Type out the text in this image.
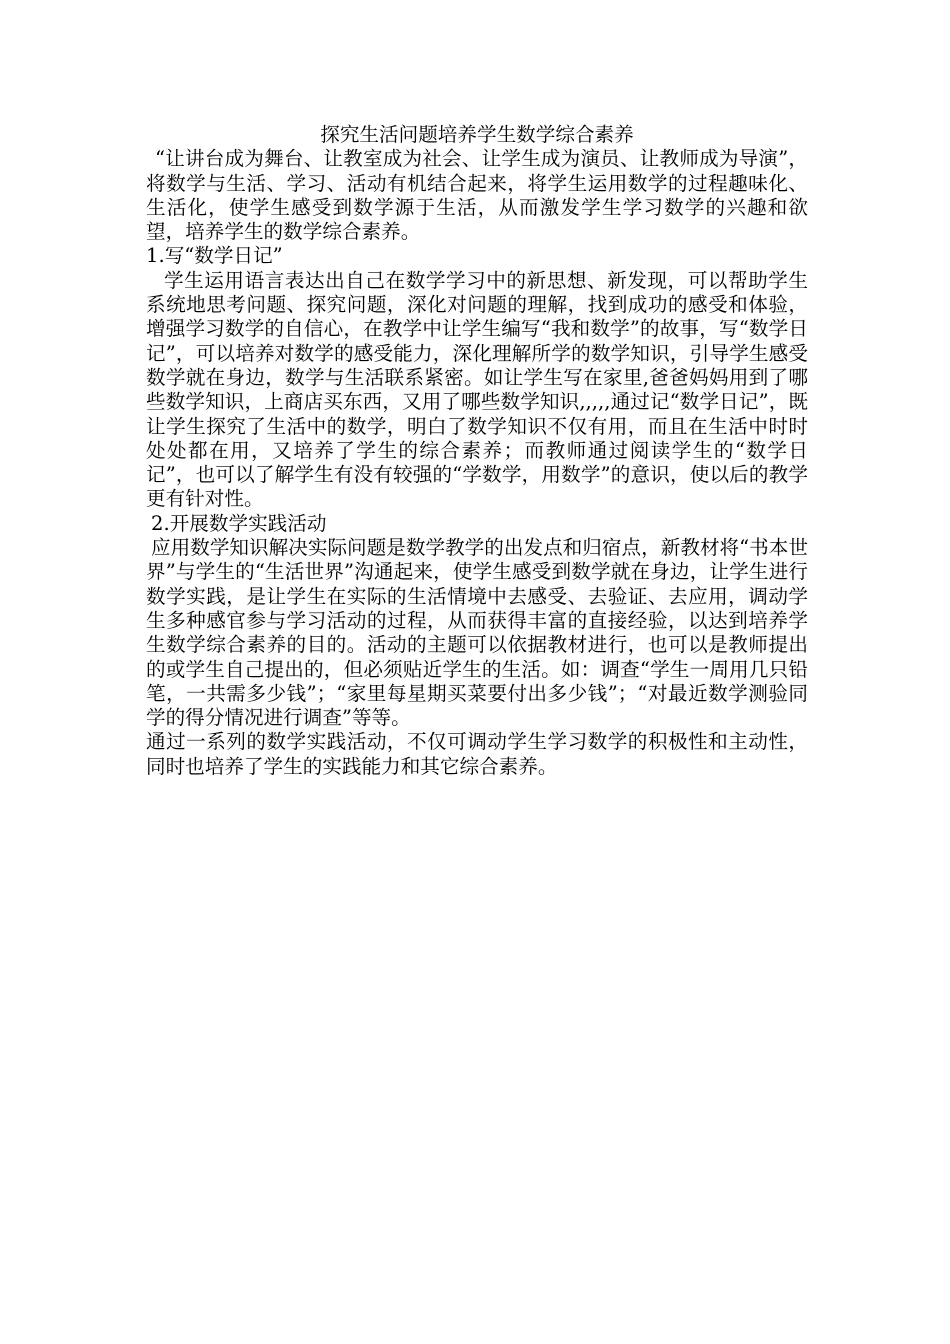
探究生活问题培养学生数学综合素养

“让讲台成为舞台、让教室成为社会、让学生成为演员、让教师成为导演”，将数学与生活、学习、活动有机结合起来，将学生运用数学的过程趣味化、生活化，使学生感受到数学源于生活，从而激发学生学习数学的兴趣和欲望，培养学生的数学综合素养。

1.写“数学日记”

学生运用语言表达出自己在数学学习中的新思想、新发现，可以帮助学生系统地思考问题、探究问题，深化对问题的理解，找到成功的感受和体验，增强学习数学的自信心，在教学中让学生编写“我和数学”的故事，写“数学日记”，可以培养对数学的感受能力，深化理解所学的数学知识，引导学生感受数学就在身边，数学与生活联系紧密。如让学生写在家里,爸爸妈妈用到了哪些数学知识，上商店买东西，又用了哪些数学知识,,,,,通过记“数学日记”，既让学生探究了生活中的数学，明白了数学知识不仅有用，而且在生活中时时处处都在用，又培养了学生的综合素养；而教师通过阅读学生的“数学日记”，也可以了解学生有没有较强的“学数学，用数学”的意识，使以后的教学更有针对性。

2.开展数学实践活动

应用数学知识解决实际问题是数学教学的出发点和归宿点，新教材将“书本世界”与学生的“生活世界”沟通起来，使学生感受到数学就在身边，让学生进行数学实践，是让学生在实际的生活情境中去感受、去验证、去应用，调动学生多种感官参与学习活动的过程，从而获得丰富的直接经验，以达到培养学生数学综合素养的目的。活动的主题可以依据教材进行，也可以是教师提出的或学生自己提出的，但必须贴近学生的生活。如：调查“学生一周用几只铅笔，一共需多少钱”；“家里每星期买菜要付出多少钱”；“对最近数学测验同学的得分情况进行调查”等等。

通过一系列的数学实践活动，不仅可调动学生学习数学的积极性和主动性，同时也培养了学生的实践能力和其它综合素养。
